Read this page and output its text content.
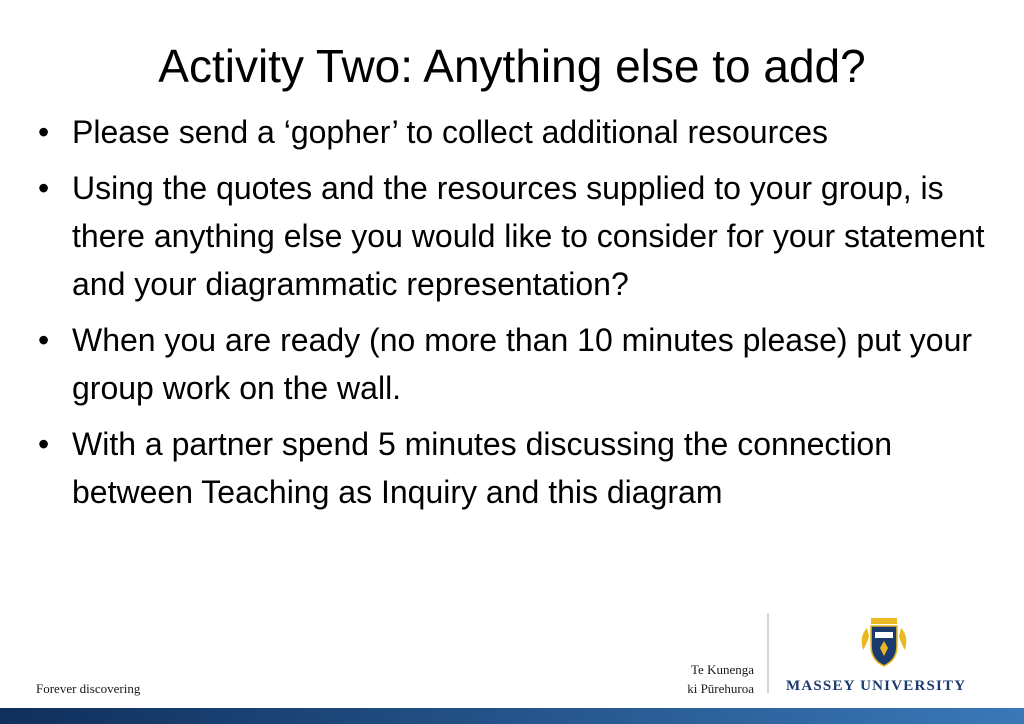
Activity Two: Anything else to add?
• Please send a ‘gopher’ to collect additional resources
• Using the quotes and the resources supplied to your group, is there anything else you would like to consider for your statement and your diagrammatic representation?
• When you are ready (no more than 10 minutes please) put your group work on the wall.
• With a partner spend 5 minutes discussing the connection between Teaching as Inquiry and this diagram
Forever discovering
Te Kunenga
ki Pūrehuroa MASSEY UNIVERSITY
